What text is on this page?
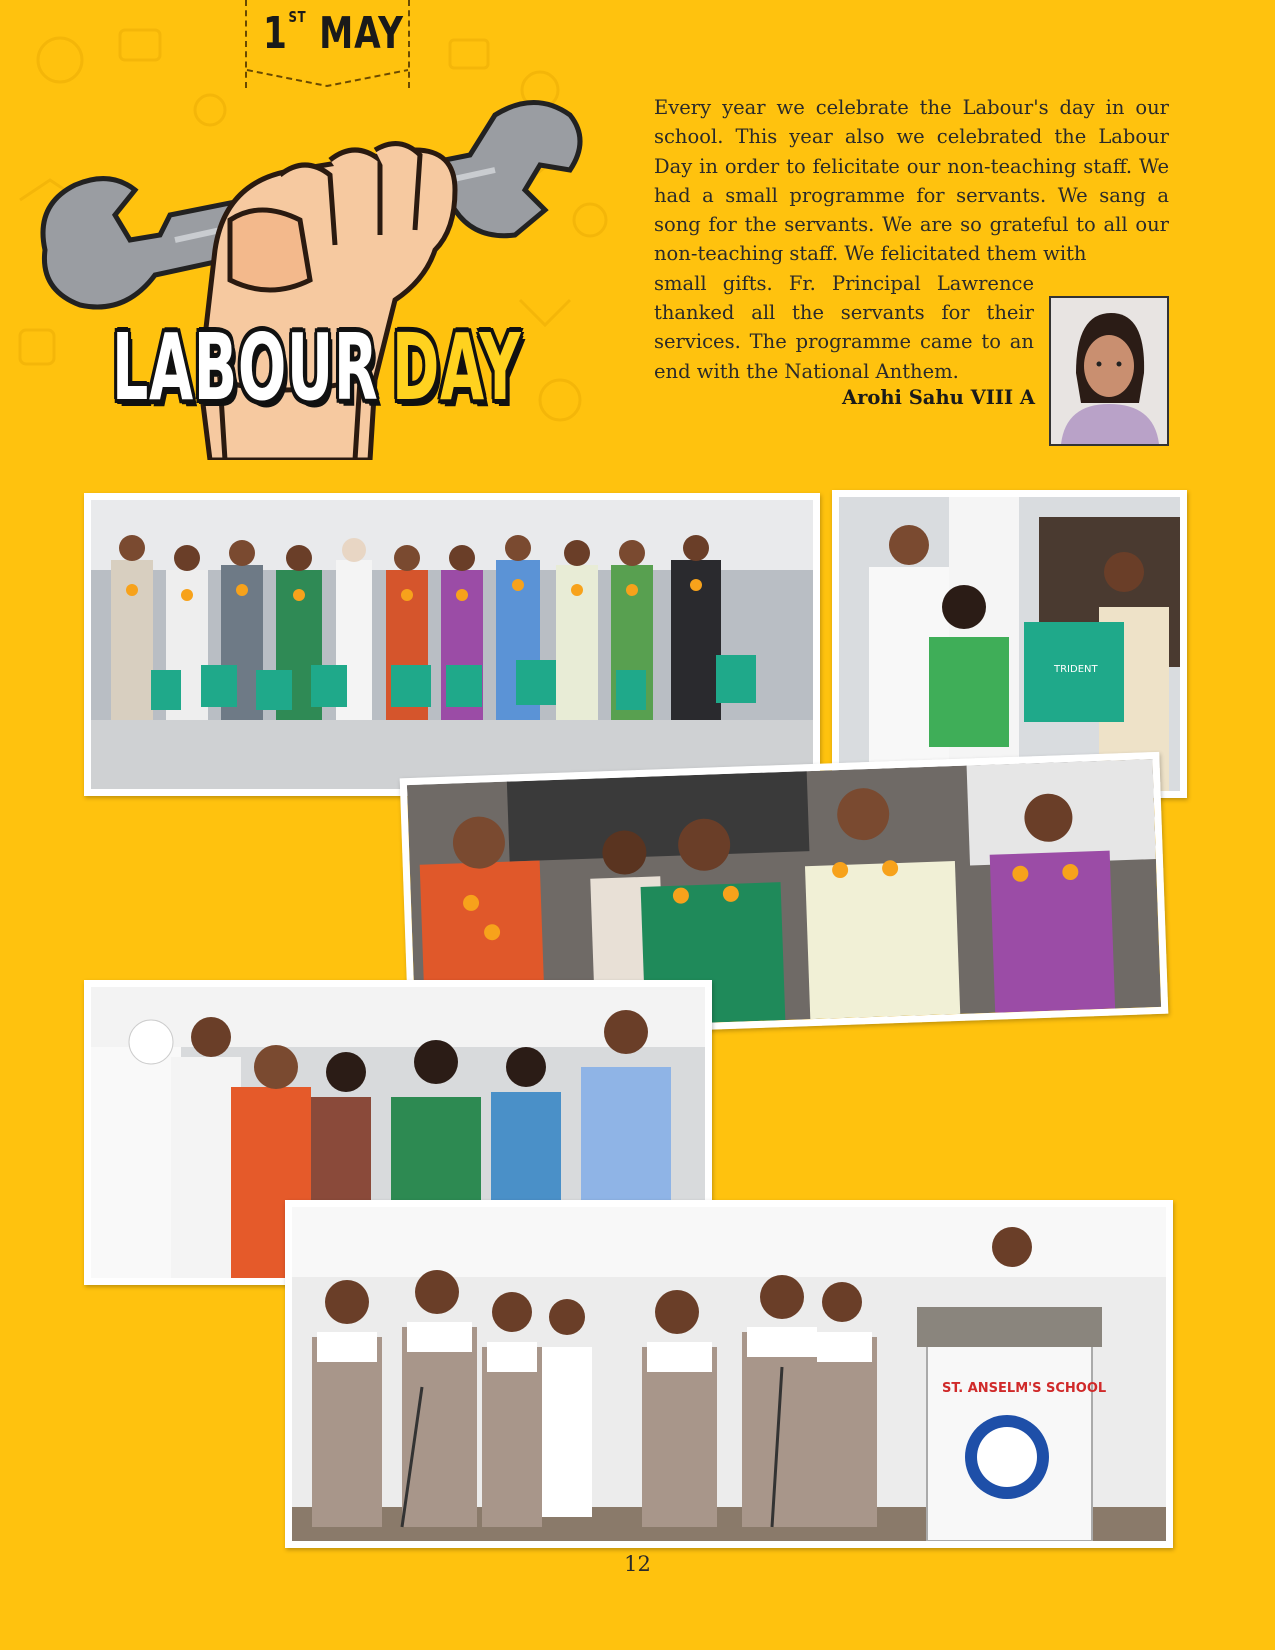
1ST MAY
LABOUR DAY
Every year we celebrate the Labour's day in our school. This year also we celebrated the Labour Day in order to felicitate our non-teaching staff. We had a small programme for servants. We sang a song for the servants. We are so grateful to all our non-teaching staff. We felicitated them with
small gifts. Fr. Principal Lawrence thanked all the servants for their services. The programme came to an end with the National Anthem.
Arohi Sahu VIII A
TRIDENT
ST. ANSELM'S SCHOOL
12
